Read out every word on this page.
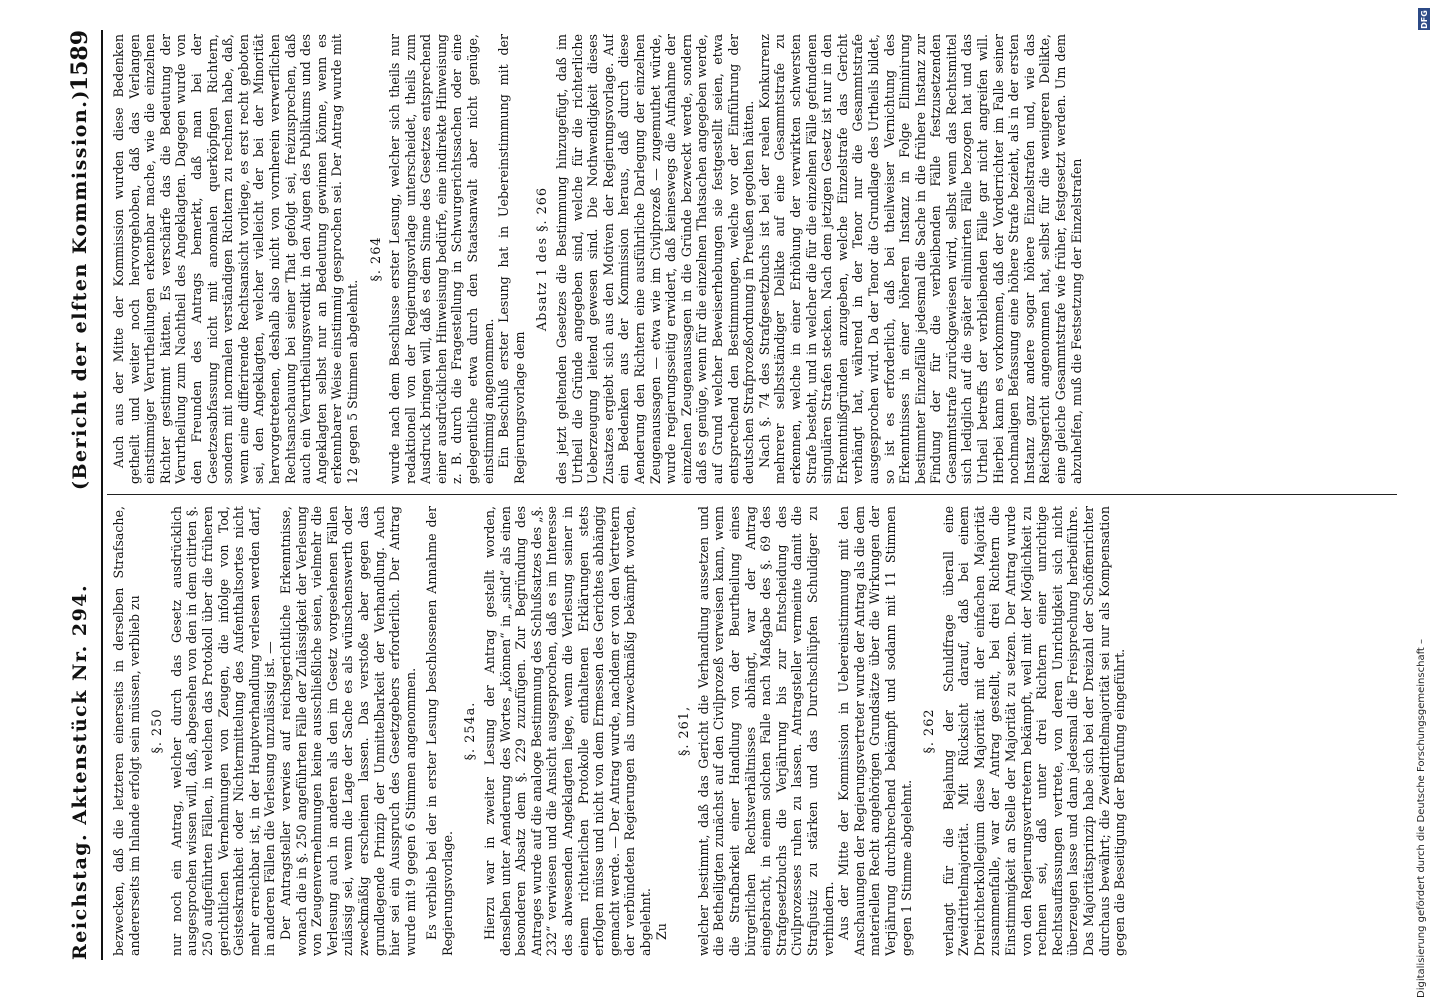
Reichstag. Aktenstück Nr. 294.
(Bericht der elften Kommission.)
1589

bezwecken, daß die letzteren einerseits in derselben Strafsache, andererseits im Inlande erfolgt sein müssen, verblieb zu §. 250 nur noch ein Antrag, welcher durch das Gesetz ausdrücklich ausgesprochen wissen will, daß, abgesehen von den in dem citirten §. 250 aufgeführten Fällen, in welchen das Protokoll über die früheren gerichtlichen Vernehmungen von Zeugen, die infolge von Tod, Geisteskrankheit oder Nichtermittelung des Aufenthaltsortes nicht mehr erreichbar ist, in der Hauptverhandlung verlesen werden darf, in anderen Fällen die Verlesung unzulässig ist. — Der Antragsteller verwies auf reichsgerichtliche Erkenntnisse, wonach die in §. 250 angeführten Fälle der Zulässigkeit der Verlesung von Zeugenvernehmungen keine ausschließliche seien, vielmehr die Verlesung auch in anderen als den im Gesetz vorgesehenen Fällen zulässig sei, wenn die Lage der Sache es als wünschenswerth oder zweckmäßig erscheinen lassen. Das verstoße aber gegen das grundlegende Prinzip der Unmittelbarkeit der Verhandlung. Auch hier sei ein Ausspruch des Gesetzgebers erforderlich. Der Antrag wurde mit 9 gegen 6 Stimmen angenommen. Es verblieb bei der in erster Lesung beschlossenen Annahme der Regierungsvorlage.

§. 254a. Hierzu war in zweiter Lesung der Antrag gestellt worden, denselben unter Aenderung des Wortes „können“ in „sind“ als einen besonderen Absatz dem §. 229 zuzufügen. Zur Begründung des Antrages wurde auf die analoge Bestimmung des Schlußsatzes des „§. 232“ verwiesen und die Ansicht ausgesprochen, daß es im Interesse des abwesenden Angeklagten liege, wenn die Verlesung seiner in einem richterlichen Protokolle enthaltenen Erklärungen stets erfolgen müsse und nicht von dem Ermessen des Gerichtes abhängig gemacht werde. — Der Antrag wurde, nachdem er von den Vertretern der verbündeten Regierungen als unzweckmäßig bekämpft worden, abgelehnt. Zu

§. 261, welcher bestimmt, daß das Gericht die Verhandlung aussetzen und die Betheiligten zunächst auf den Civilprozeß verweisen kann, wenn die Strafbarkeit einer Handlung von der Beurtheilung eines bürgerlichen Rechtsverhältnisses abhängt, war der Antrag eingebracht, in einem solchen Falle nach Maßgabe des §. 69 des Strafgesetzbuchs die Verjährung bis zur Entscheidung des Civilprozesses ruhen zu lassen. Antragsteller vermeinte damit die Strafjustiz zu stärken und das Durchschlüpfen Schuldiger zu verhindern. Aus der Mitte der Kommission in Uebereinstimmung mit den Anschauungen der Regierungsvertreter wurde der Antrag als die dem materiellen Recht angehörigen Grundsätze über die Wirkungen der Verjährung durchbrechend bekämpft und sodann mit 11 Stimmen gegen 1 Stimme abgelehnt.

§. 262 verlangt für die Bejahung der Schuldfrage überall eine Zweidrittelmajorität. Mit Rücksicht darauf, daß bei einem Dreirichterkollegium diese Majorität mit der einfachen Majorität zusammenfalle, war der Antrag gestellt, bei drei Richtern die Einstimmigkeit an Stelle der Majorität zu setzen. Der Antrag wurde von den Regierungsvertretern bekämpft, weil mit der Möglichkeit zu rechnen sei, daß unter drei Richtern einer unrichtige Rechtsauffassungen vertrete, von deren Unrichtigkeit sich nicht überzeugen lasse und dann jedesmal die Freisprechung herbeiführe. Das Majoritätsprinzip habe sich bei der Dreizahl der Schöffenrichter durchaus bewährt; die Zweidrittelmajorität sei nur als Kompensation gegen die Beseitigung der Berufung eingeführt.

Auch aus der Mitte der Kommission wurden diese Bedenken getheilt und weiter noch hervorgehoben, daß das Verlangen einstimmiger Verurtheilungen erkennbar mache, wie die einzelnen Richter gestimmt hätten. Es verschärfe das die Bedeutung der Verurtheilung zum Nachtheil des Angeklagten. Dagegen wurde von den Freunden des Antrags bemerkt, daß man bei der Gesetzesabfassung nicht mit anomalen querköpfigen Richtern, sondern mit normalen verständigen Richtern zu rechnen habe, daß, wenn eine differirende Rechtsansicht vorliege, es erst recht geboten sei, den Angeklagten, welcher vielleicht der bei der Minorität hervorgetretenen, deshalb also nicht von vornherein verwerflichen Rechtsanschauung bei seiner That gefolgt sei, freizusprechen, daß auch ein Verurtheilungsverdikt in den Augen des Publikums und des Angeklagten selbst nur an Bedeutung gewinnen könne, wenn es erkennbarer Weise einstimmig gesprochen sei. Der Antrag wurde mit 12 gegen 5 Stimmen abgelehnt.

§. 264 wurde nach dem Beschlusse erster Lesung, welcher sich theils nur redaktionell von der Regierungsvorlage unterscheidet, theils zum Ausdruck bringen will, daß es dem Sinne des Gesetzes entsprechend einer ausdrücklichen Hinweisung bedürfe, eine indirekte Hinweisung z. B. durch die Fragestellung in Schwurgerichtssachen oder eine gelegentliche etwa durch den Staatsanwalt aber nicht genüge, einstimmig angenommen. Ein Beschluß erster Lesung hat in Uebereinstimmung mit der Regierungsvorlage dem

Absatz 1 des §. 266 des jetzt geltenden Gesetzes die Bestimmung hinzugefügt, daß im Urtheil die Gründe angegeben sind, welche für die richterliche Ueberzeugung leitend gewesen sind. Die Nothwendigkeit dieses Zusatzes ergiebt sich aus den Motiven der Regierungsvorlage. Auf ein Bedenken aus der Kommission heraus, daß durch diese Aenderung den Richtern eine ausführliche Darlegung der einzelnen Zeugenaussagen — etwa wie im Civilprozeß — zugemuthet würde, wurde regierungsseitig erwidert, daß keineswegs die Aufnahme der einzelnen Zeugenaussagen in die Gründe bezweckt werde, sondern daß es genüge, wenn für die einzelnen Thatsachen angegeben werde, auf Grund welcher Beweiserhebungen sie festgestellt seien, etwa entsprechend den Bestimmungen, welche vor der Einführung der deutschen Strafprozeßordnung in Preußen gegolten hätten. Nach §. 74 des Strafgesetzbuchs ist bei der realen Konkurrenz mehrerer selbstständiger Delikte auf eine Gesammtstrafe zu erkennen, welche in einer Erhöhung der verwirkten schwersten Strafe besteht, und in welcher die für die einzelnen Fälle gefundenen singulären Strafen stecken. Nach dem jetzigen Gesetz ist nur in den Erkenntnißgründen anzugeben, welche Einzelstrafe das Gericht verhängt hat, während in der Tenor nur die Gesammtstrafe ausgesprochen wird. Da der Tenor die Grundlage des Urtheils bildet, so ist es erforderlich, daß bei theilweiser Vernichtung des Erkenntnisses in einer höheren Instanz in Folge Eliminirung bestimmter Einzelfälle jedesmal die Sache in die frühere Instanz zur Findung der für die verbleibenden Fälle festzusetzenden Gesammtstrafe zurückgewiesen wird, selbst wenn das Rechtsmittel sich lediglich auf die später eliminirten Fälle bezogen hat und das Urtheil betreffs der verbleibenden Fälle gar nicht angreifen will. Hierbei kann es vorkommen, daß der Vorderrichter im Falle seiner nochmaligen Befassung eine höhere Strafe bezieht, als in der ersten Instanz ganz andere sogar höhere Einzelstrafen und, wie das Reichsgericht angenommen hat, selbst für die wenigeren Delikte, eine gleiche Gesammtstrafe wie früher, festgesetzt werden. Um dem abzuhelfen, muß die Festsetzung der Einzelstrafen

DFG
Digitalisierung gefördert durch die Deutsche Forschungsgemeinschaft –
